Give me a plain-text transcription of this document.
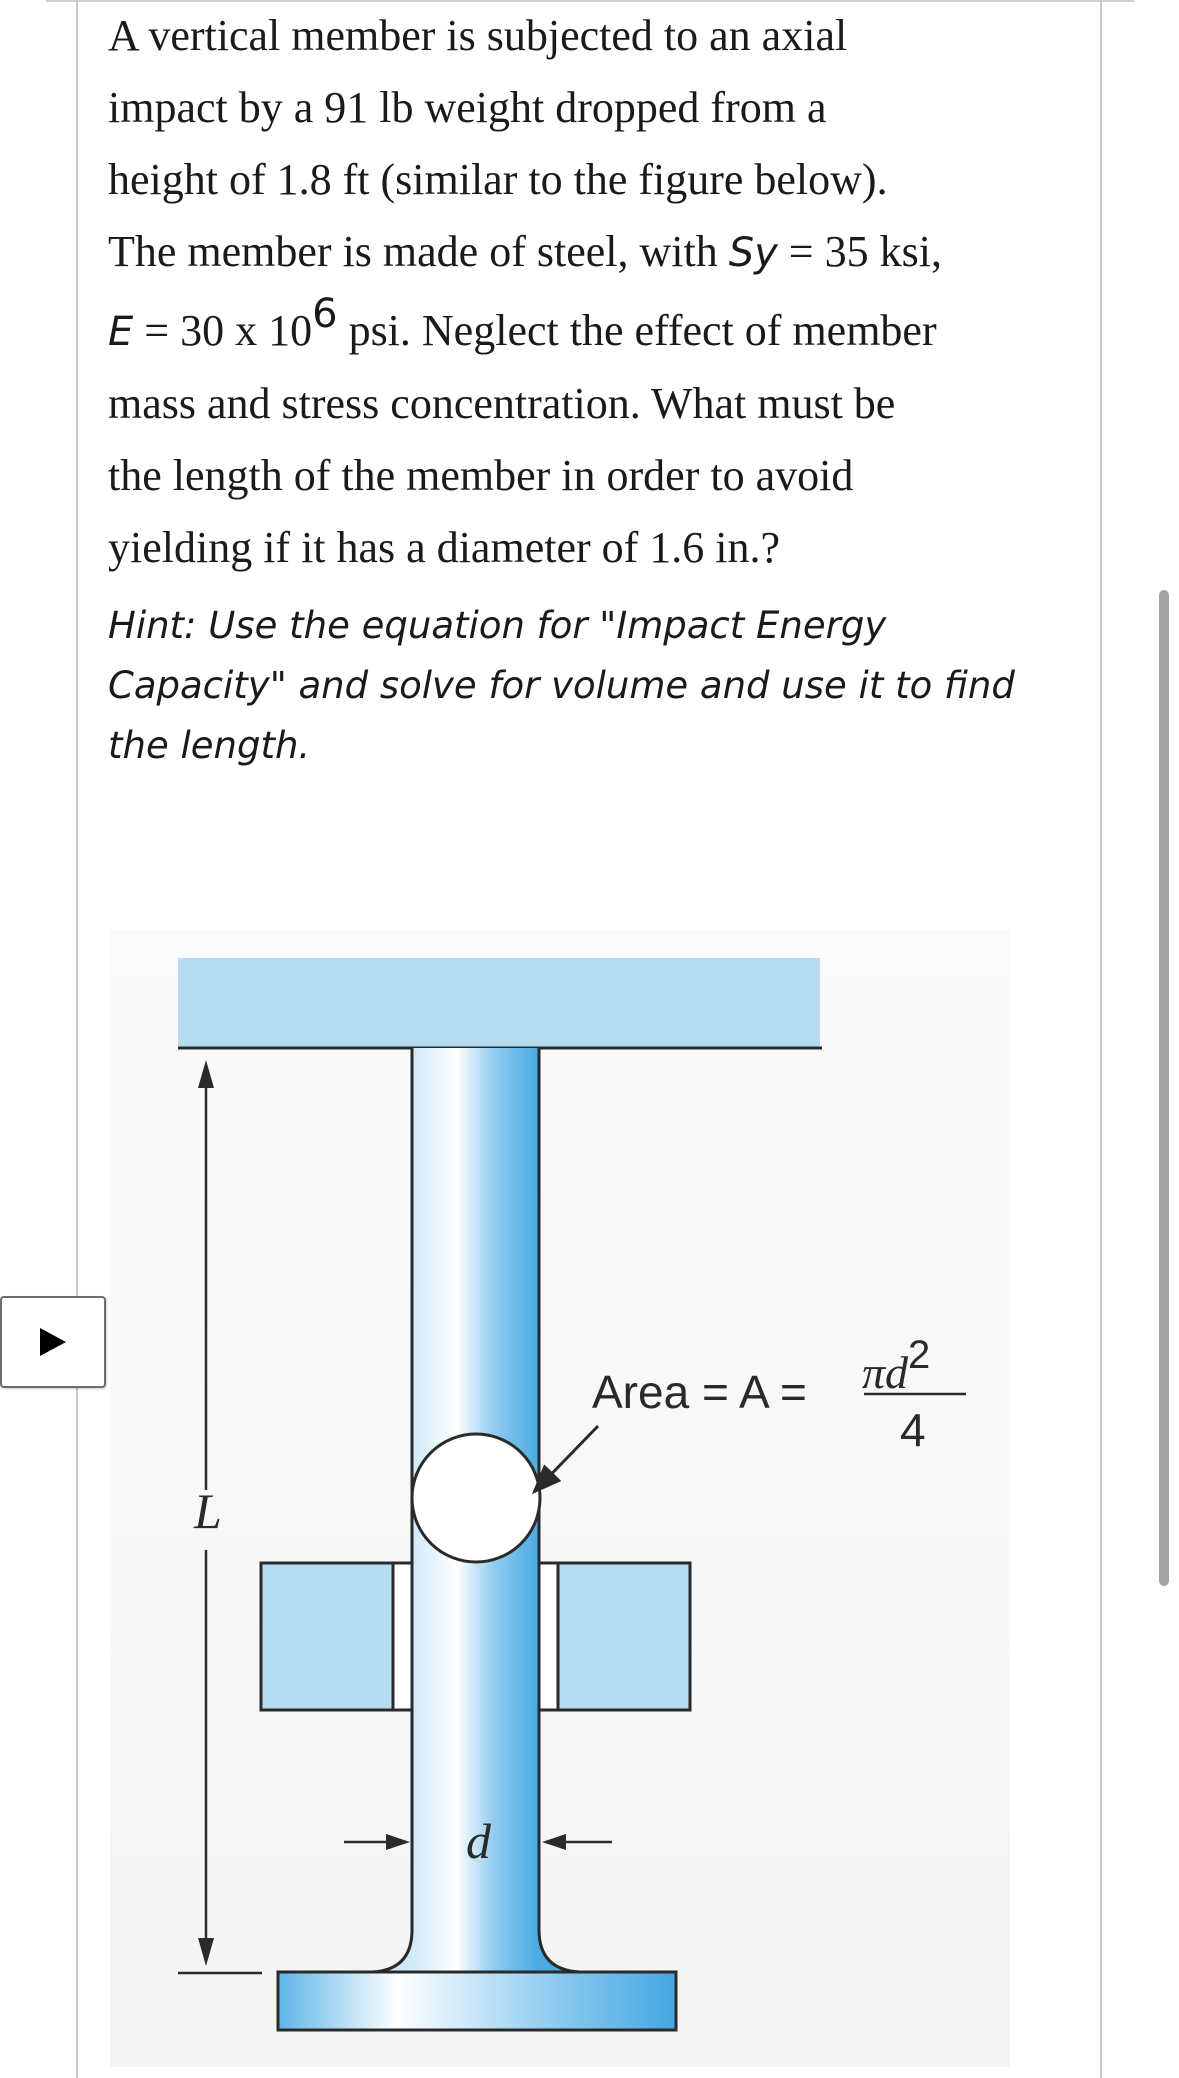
A vertical member is subjected to an axial

impact by a 91 lb weight dropped from a

height of 1.8 ft (similar to the figure below).

The member is made of steel, with Sy = 35 ksi,

E = 30 x 106 psi. Neglect the effect of member

mass and stress concentration. What must be

the length of the member in order to avoid

yielding if it has a diameter of 1.6 in.?

Hint: Use the equation for "Impact Energy
Capacity" and solve for volume and use it to find
the length.
L
d
Area = A = πd2
4
